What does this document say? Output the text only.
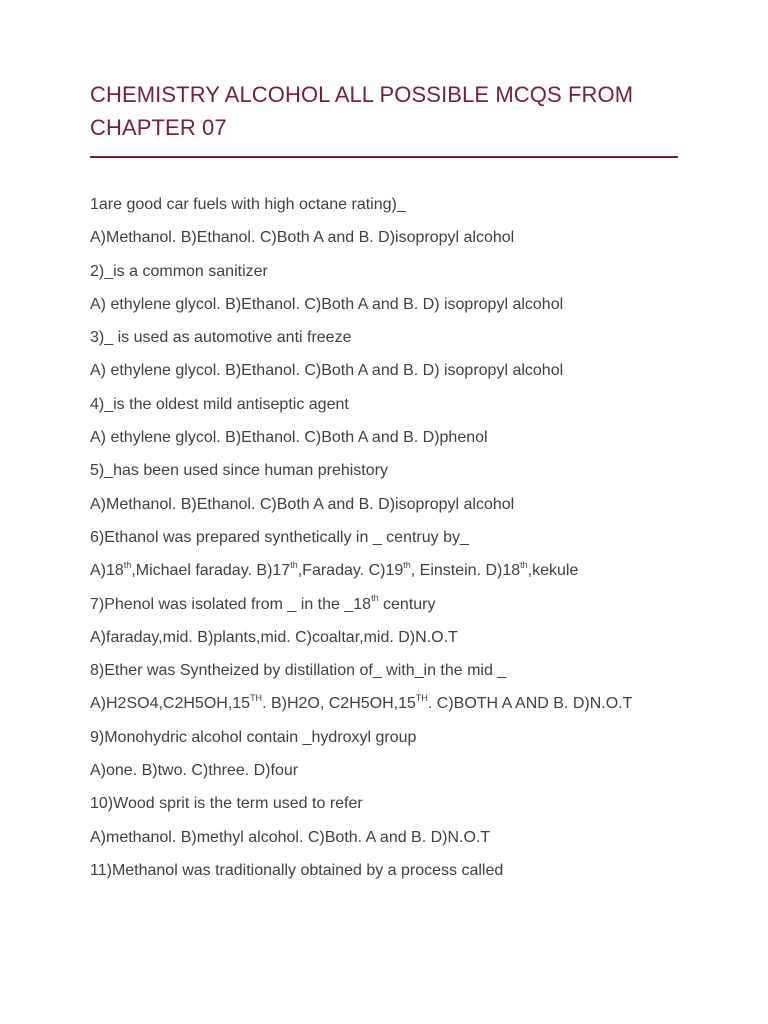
CHEMISTRY ALCOHOL ALL POSSIBLE MCQS FROM CHAPTER 07
1are good car fuels with high octane rating)_
A)Methanol. B)Ethanol. C)Both A and B. D)isopropyl alcohol
2)_is a common sanitizer
A) ethylene glycol. B)Ethanol. C)Both A and B. D) isopropyl alcohol
3)_ is used as automotive anti freeze
A) ethylene glycol. B)Ethanol. C)Both A and B. D) isopropyl alcohol
4)_is the oldest mild antiseptic agent
A) ethylene glycol. B)Ethanol. C)Both A and B. D)phenol
5)_has been used since human prehistory
A)Methanol. B)Ethanol. C)Both A and B. D)isopropyl alcohol
6)Ethanol was prepared synthetically in _ centruy by_
A)18th,Michael faraday. B)17th,Faraday. C)19th, Einstein. D)18th,kekule
7)Phenol was isolated from _ in the _18th century
A)faraday,mid. B)plants,mid. C)coaltar,mid. D)N.O.T
8)Ether was Syntheized by distillation of_ with_in the mid _
A)H2SO4,C2H5OH,15TH. B)H2O, C2H5OH,15TH. C)BOTH A AND B. D)N.O.T
9)Monohydric alcohol contain _hydroxyl group
A)one. B)two. C)three. D)four
10)Wood sprit is the term used to refer
A)methanol. B)methyl alcohol. C)Both. A and B. D)N.O.T
11)Methanol was traditionally obtained by a process called
